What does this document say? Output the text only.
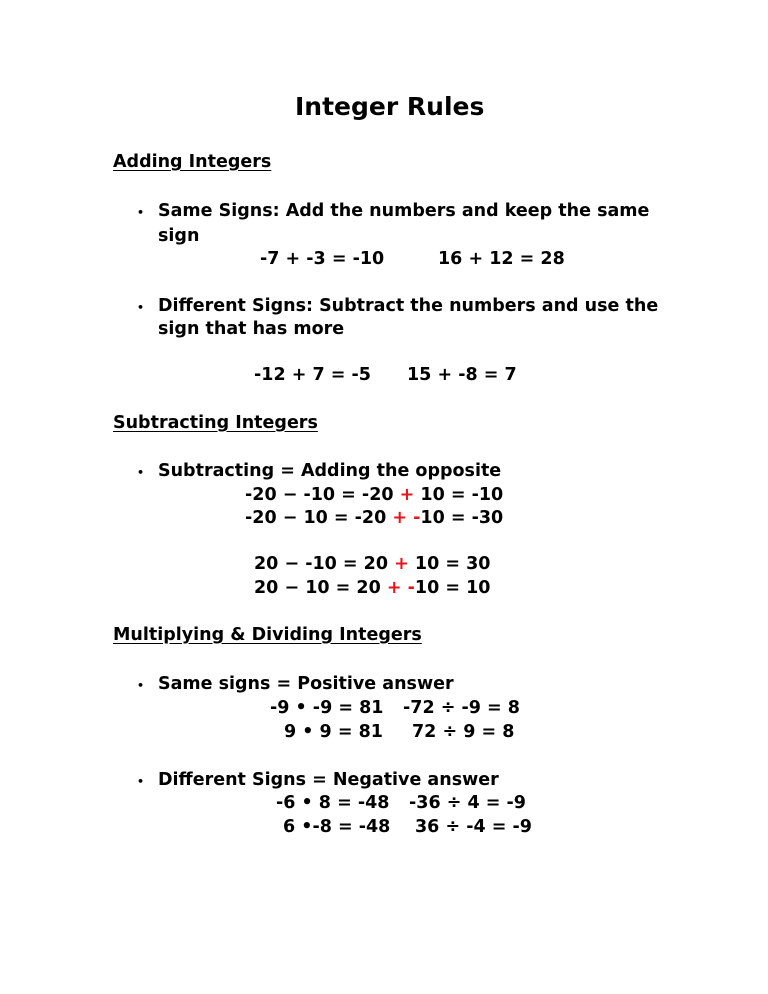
Integer Rules
Adding Integers
• Same Signs: Add the numbers and keep the same
sign
-7 + -3 = -10	16 + 12 = 28
• Different Signs: Subtract the numbers and use the
sign that has more
-12 + 7 = -5 15 + -8 = 7
Subtracting Integers
• Subtracting = Adding the opposite
-20 − -10 = -20 + 10 = -10
-20 − 10 = -20 + -10 = -30
20 − -10 = 20 + 10 = 30
20 − 10 = 20 + -10 = 10
Multiplying & Dividing Integers
• Same signs = Positive answer
-9 • -9 = 81 -72 ÷ -9 = 8
9 • 9 = 81 72 ÷ 9 = 8
• Different Signs = Negative answer
-6 • 8 = -48 -36 ÷ 4 = -9
6 •-8 = -48 36 ÷ -4 = -9
